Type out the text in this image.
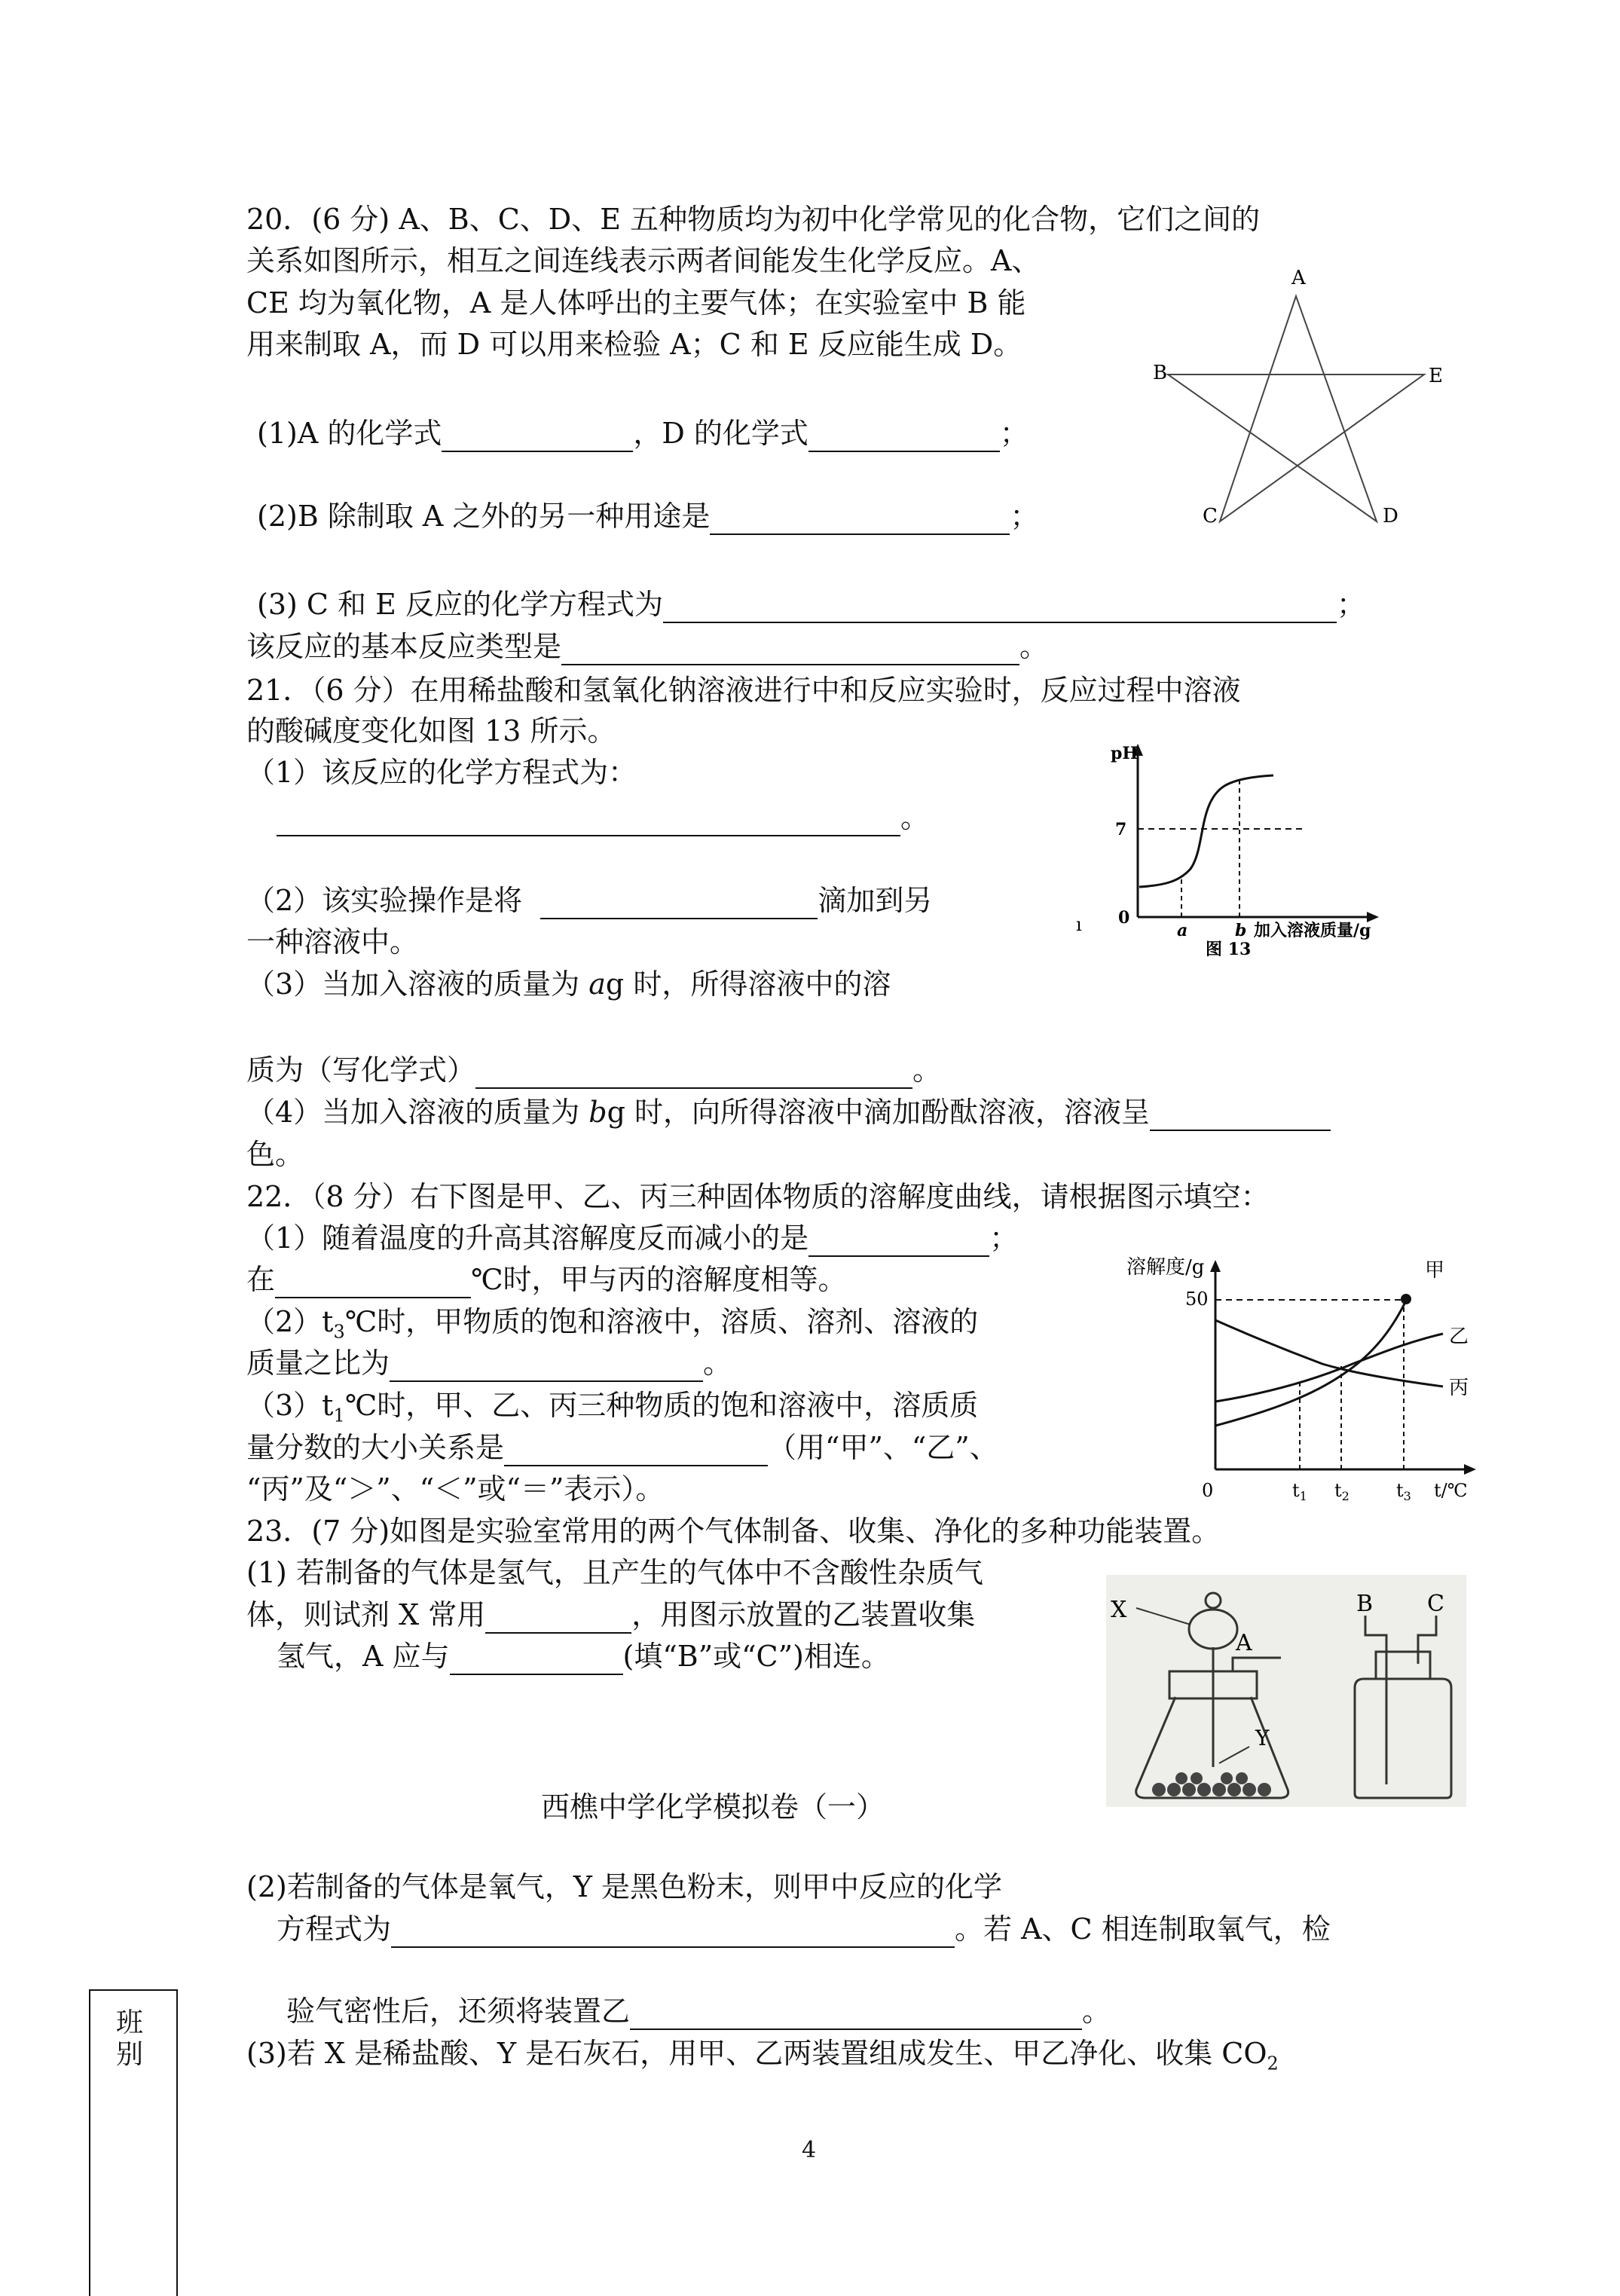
20．(6 分) A、B、C、D、E 五种物质均为初中化学常见的化合物，它们之间的
关系如图所示，相互之间连线表示两者间能发生化学反应。A、
CE 均为氧化物，A 是人体呼出的主要气体；在实验室中 B 能
用来制取 A，而 D 可以用来检验 A；C 和 E 反应能生成 D。
(1)A 的化学式	，D 的化学式	；
(2)B 除制取 A 之外的另一种用途是	；
(3) C 和 E 反应的化学方程式为	；
该反应的基本反应类型是	。
A
B
C	D
E
21．（6 分）在用稀盐酸和氢氧化钠溶液进行中和反应实验时，反应过程中溶液
的酸碱度变化如图 13 所示。
（1）该反应的化学方程式为：
。
（2）该实验操作是将	滴加到另
一种溶液中。
（3）当加入溶液的质量为 ag 时，所得溶液中的溶
质为（写化学式）	。
（4）当加入溶液的质量为 bg 时，向所得溶液中滴加酚酞溶液，溶液呈
色。
pH
7
0
a	b 加入溶液质量/g
图 13
ı
22．（8 分）右下图是甲、乙、丙三种固体物质的溶解度曲线，请根据图示填空：
（1）随着温度的升高其溶解度反而减小的是	；
在	℃时，甲与丙的溶解度相等。
$(2)t_3℃$时，甲物质的饱和溶液中，溶质、溶剂、溶液的
质量之比为	。
$(3)t_1℃$时，甲、乙、丙三种物质的饱和溶液中，溶质质
量分数的大小关系是	（用“甲”、“乙”、
“丙”及“＞”、“＜”或“＝”表示）。
溶解度/g
50
0
甲
乙
丙
$t_1$ $t_2$	$t_3$ t/℃
23．(7 分)如图是实验室常用的两个气体制备、收集、净化的多种功能装置。
(1) 若制备的气体是氢气，且产生的气体中不含酸性杂质气
体，则试剂 X 常用	，用图示放置的乙装置收集
氢气，A 应与	(填“B”或“C”)相连。
X
A
Y
B C
西樵中学化学模拟卷（一）
(2)若制备的气体是氧气，Y 是黑色粉末，则甲中反应的化学
方程式为	。若 A、C 相连制取氧气，检
验气密性后，还须将装置乙	。
(3)若 X 是稀盐酸、Y 是石灰石，用甲、乙两装置组成发生、甲乙净化、收集 $CO_2$
班
别
4
